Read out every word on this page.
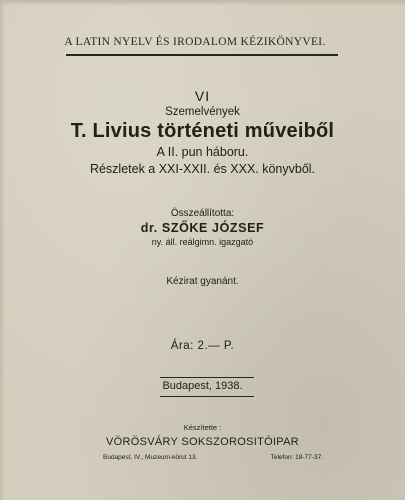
A LATIN NYELV ÉS IRODALOM KÉZIKÖNYVEI.
VI
Szemelvények
T. Livius történeti műveiből
A II. pun háboru.
Részletek a XXI-XXII. és XXX. könyvből.
Összeállította:
dr. SZŐKE JÓZSEF
ny. áll. reálgimn. igazgató
Kézirat gyanánt.
Ára: 2.— P.
Budapest, 1938.
Készítette :
VÖRÖSVÁRY SOKSZOROSITÓIPAR
Budapest, IV., Muzeum-körut 13.	Telefon: 18-77-37.
